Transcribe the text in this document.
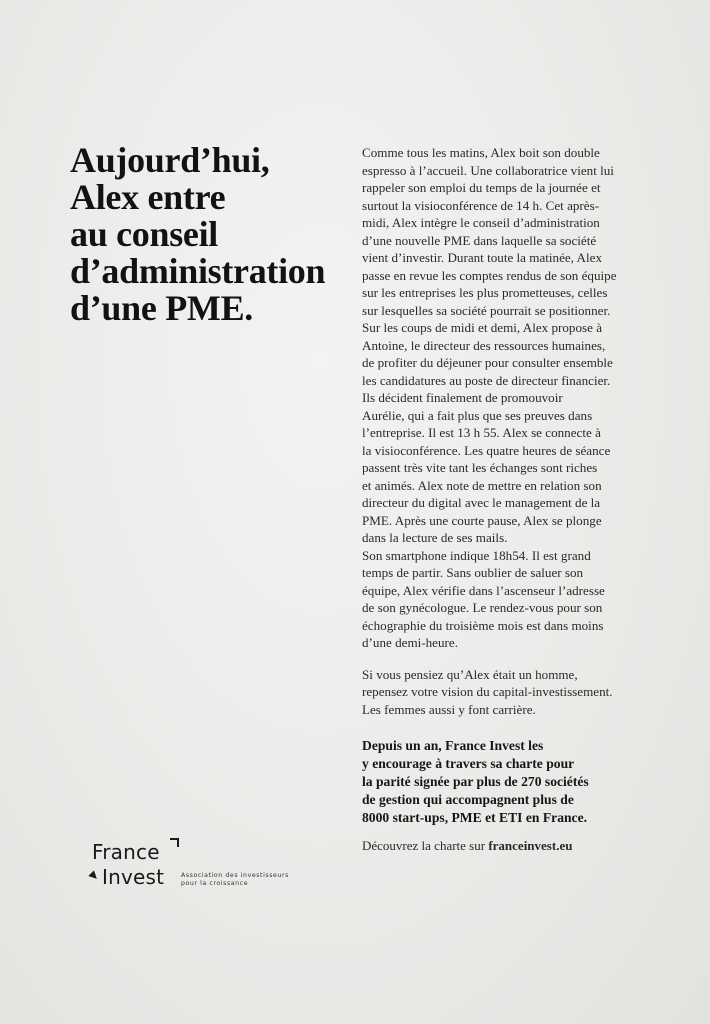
Aujourd’hui,
Alex entre
au conseil
d’administration
d’une PME.

Comme tous les matins, Alex boit son double
espresso à l’accueil. Une collaboratrice vient lui
rappeler son emploi du temps de la journée et
surtout la visioconférence de 14 h. Cet après-
midi, Alex intègre le conseil d’administration
d’une nouvelle PME dans laquelle sa société
vient d’investir. Durant toute la matinée, Alex
passe en revue les comptes rendus de son équipe
sur les entreprises les plus prometteuses, celles
sur lesquelles sa société pourrait se positionner.
Sur les coups de midi et demi, Alex propose à
Antoine, le directeur des ressources humaines,
de profiter du déjeuner pour consulter ensemble
les candidatures au poste de directeur financier.
Ils décident finalement de promouvoir
Aurélie, qui a fait plus que ses preuves dans
l’entreprise. Il est 13 h 55. Alex se connecte à
la visioconférence. Les quatre heures de séance
passent très vite tant les échanges sont riches
et animés. Alex note de mettre en relation son
directeur du digital avec le management de la
PME. Après une courte pause, Alex se plonge
dans la lecture de ses mails.
Son smartphone indique 18h54. Il est grand
temps de partir. Sans oublier de saluer son
équipe, Alex vérifie dans l’ascenseur l’adresse
de son gynécologue. Le rendez-vous pour son
échographie du troisième mois est dans moins
d’une demi-heure.

Si vous pensiez qu’Alex était un homme,
repensez votre vision du capital-investissement.
Les femmes aussi y font carrière.

Depuis un an, France Invest les
y encourage à travers sa charte pour
la parité signée par plus de 270 sociétés
de gestion qui accompagnent plus de
8000 start-ups, PME et ETI en France.

Découvrez la charte sur franceinvest.eu

France
Invest	Association des investisseurs
pour la croissance
